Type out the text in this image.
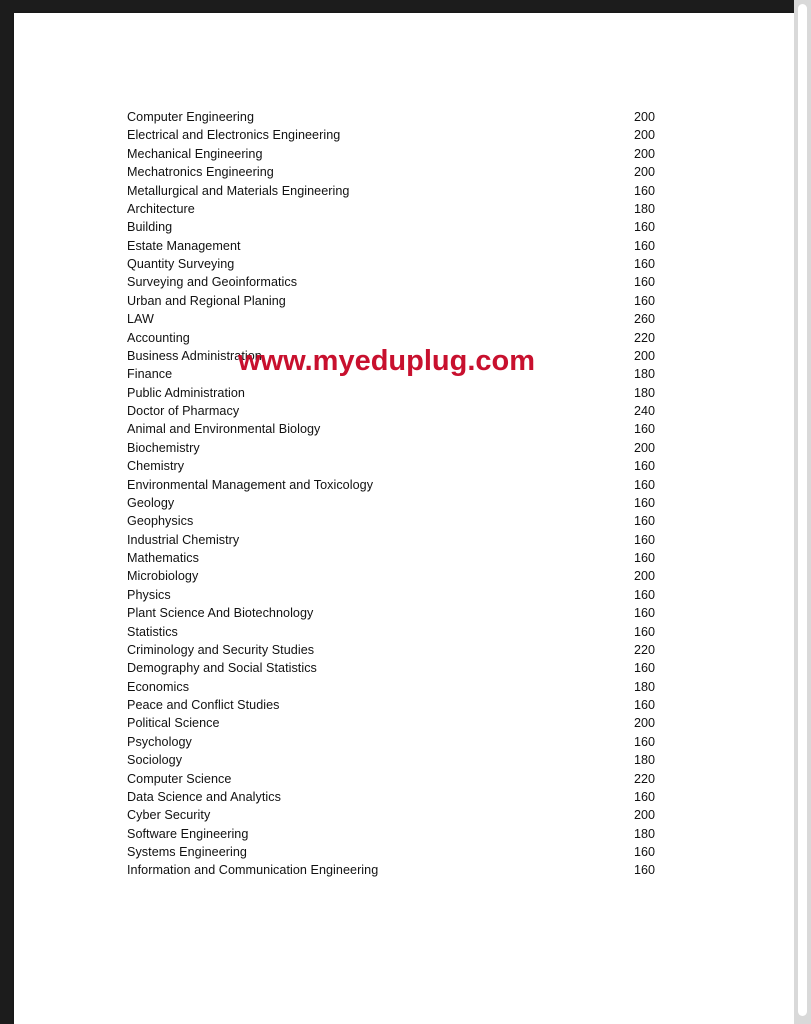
Computer Engineering	200
Electrical and Electronics Engineering	200
Mechanical Engineering	200
Mechatronics Engineering	200
Metallurgical and Materials Engineering	160
Architecture	180
Building	160
Estate Management	160
Quantity Surveying	160
Surveying and Geoinformatics	160
Urban and Regional Planing	160
LAW	260
Accounting	220
Business Administration	200
Finance	180
Public Administration	180
Doctor of Pharmacy	240
Animal and Environmental Biology	160
Biochemistry	200
Chemistry	160
Environmental Management and Toxicology	160
Geology	160
Geophysics	160
Industrial Chemistry	160
Mathematics	160
Microbiology	200
Physics	160
Plant Science And Biotechnology	160
Statistics	160
Criminology and Security Studies	220
Demography and Social Statistics	160
Economics	180
Peace and Conflict Studies	160
Political Science	200
Psychology	160
Sociology	180
Computer Science	220
Data Science and Analytics	160
Cyber Security	200
Software Engineering	180
Systems Engineering	160
Information and Communication Engineering	160
www.myeduplug.com
